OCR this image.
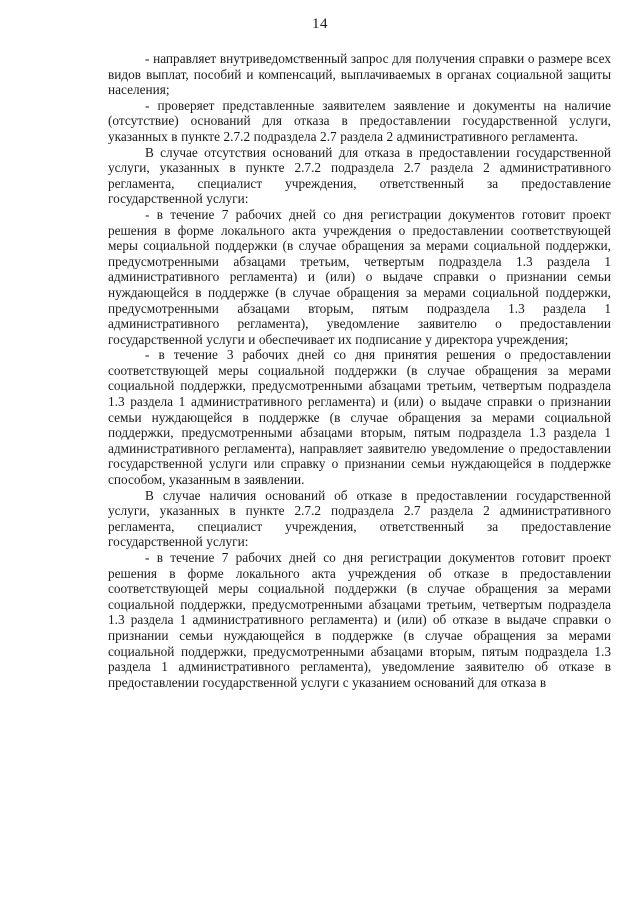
14

- направляет внутриведомственный запрос для получения справки о размере всех видов выплат, пособий и компенсаций, выплачиваемых в органах социальной защиты населения;

- проверяет представленные заявителем заявление и документы на наличие (отсутствие) оснований для отказа в предоставлении государственной услуги, указанных в пункте 2.7.2 подраздела 2.7 раздела 2 административного регламента.

В случае отсутствия оснований для отказа в предоставлении государственной услуги, указанных в пункте 2.7.2 подраздела 2.7 раздела 2 административного регламента, специалист учреждения, ответственный за предоставление государственной услуги:

- в течение 7 рабочих дней со дня регистрации документов готовит проект решения в форме локального акта учреждения о предоставлении соответствующей меры социальной поддержки (в случае обращения за мерами социальной поддержки, предусмотренными абзацами третьим, четвертым подраздела 1.3 раздела 1 административного регламента) и (или) о выдаче справки о признании семьи нуждающейся в поддержке (в случае обращения за мерами социальной поддержки, предусмотренными абзацами вторым, пятым подраздела 1.3 раздела 1 административного регламента), уведомление заявителю о предоставлении государственной услуги и обеспечивает их подписание у директора учреждения;

- в течение 3 рабочих дней со дня принятия решения о предоставлении соответствующей меры социальной поддержки (в случае обращения за мерами социальной поддержки, предусмотренными абзацами третьим, четвертым подраздела 1.3 раздела 1 административного регламента) и (или) о выдаче справки о признании семьи нуждающейся в поддержке (в случае обращения за мерами социальной поддержки, предусмотренными абзацами вторым, пятым подраздела 1.3 раздела 1 административного регламента), направляет заявителю уведомление о предоставлении государственной услуги или справку о признании семьи нуждающейся в поддержке способом, указанным в заявлении.

В случае наличия оснований об отказе в предоставлении государственной услуги, указанных в пункте 2.7.2 подраздела 2.7 раздела 2 административного регламента, специалист учреждения, ответственный за предоставление государственной услуги:

- в течение 7 рабочих дней со дня регистрации документов готовит проект решения в форме локального акта учреждения об отказе в предоставлении соответствующей меры социальной поддержки (в случае обращения за мерами социальной поддержки, предусмотренными абзацами третьим, четвертым подраздела 1.3 раздела 1 административного регламента) и (или) об отказе в выдаче справки о признании семьи нуждающейся в поддержке (в случае обращения за мерами социальной поддержки, предусмотренными абзацами вторым, пятым подраздела 1.3 раздела 1 административного регламента), уведомление заявителю об отказе в предоставлении государственной услуги с указанием оснований для отказа в
